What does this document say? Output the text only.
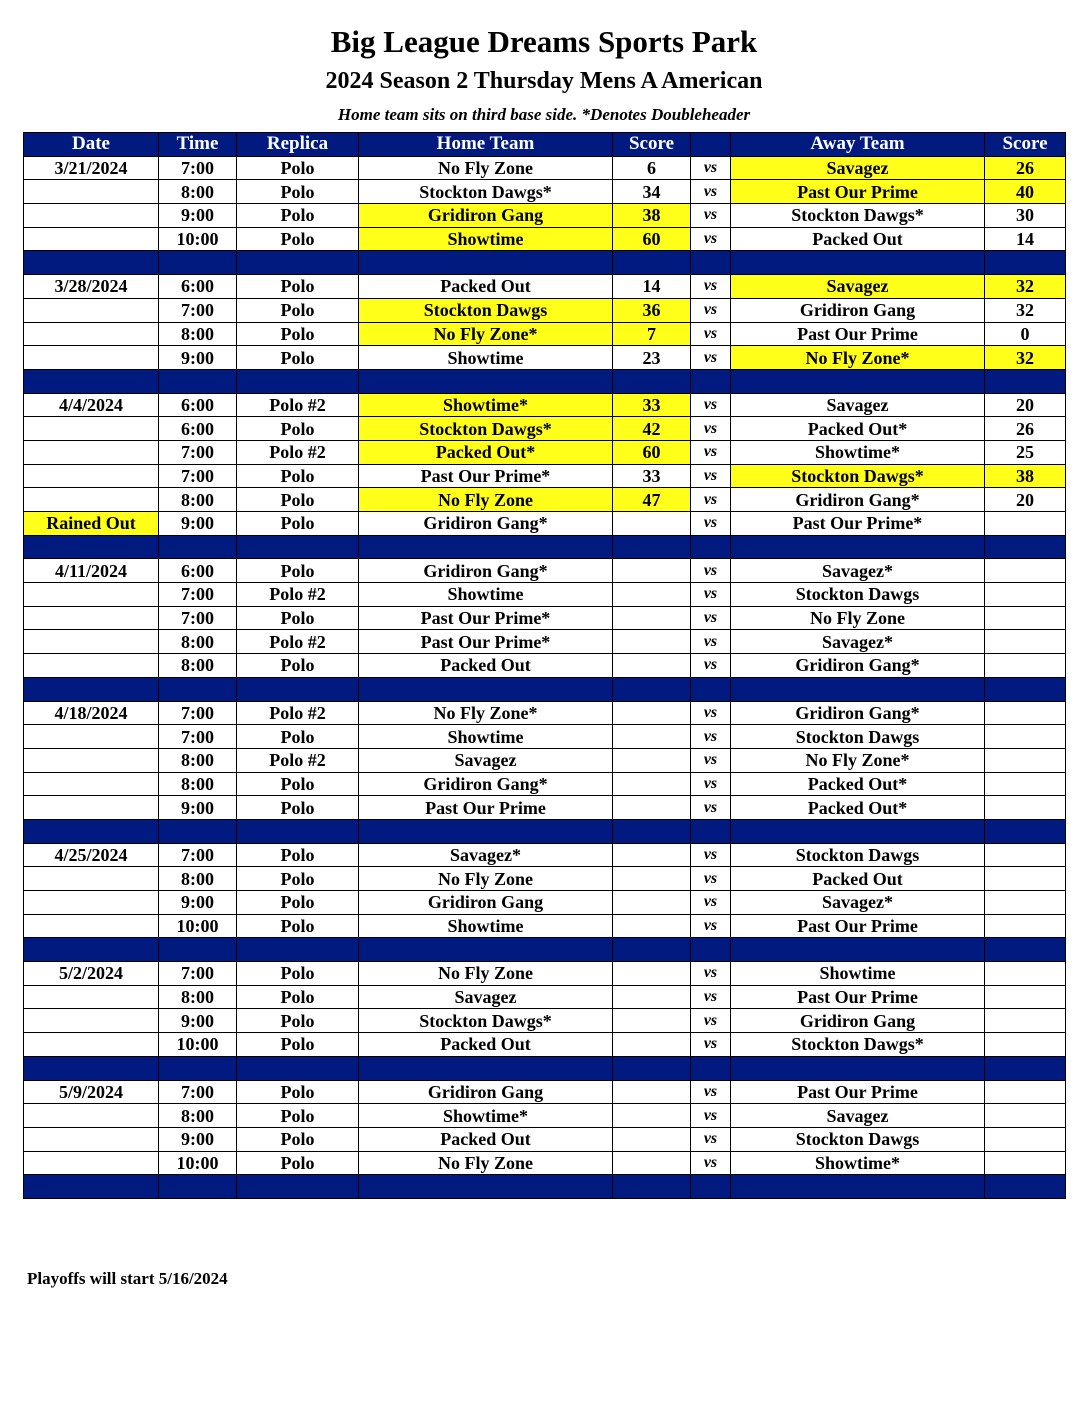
Big League Dreams Sports Park
2024 Season 2 Thursday Mens A American
Home team sits on third base side. *Denotes Doubleheader
Date	Time	Replica	Home Team	Score		Away Team	Score
3/21/2024	7:00	Polo	No Fly Zone	6	vs	Savagez	26
	8:00	Polo	Stockton Dawgs*	34	vs	Past Our Prime	40
	9:00	Polo	Gridiron Gang	38	vs	Stockton Dawgs*	30
	10:00	Polo	Showtime	60	vs	Packed Out	14

3/28/2024	6:00	Polo	Packed Out	14	vs	Savagez	32
	7:00	Polo	Stockton Dawgs	36	vs	Gridiron Gang	32
	8:00	Polo	No Fly Zone*	7	vs	Past Our Prime	0
	9:00	Polo	Showtime	23	vs	No Fly Zone*	32

4/4/2024	6:00	Polo #2	Showtime*	33	vs	Savagez	20
	6:00	Polo	Stockton Dawgs*	42	vs	Packed Out*	26
	7:00	Polo #2	Packed Out*	60	vs	Showtime*	25
	7:00	Polo	Past Our Prime*	33	vs	Stockton Dawgs*	38
	8:00	Polo	No Fly Zone	47	vs	Gridiron Gang*	20
Rained Out	9:00	Polo	Gridiron Gang*		vs	Past Our Prime*	

4/11/2024	6:00	Polo	Gridiron Gang*		vs	Savagez*	
	7:00	Polo #2	Showtime		vs	Stockton Dawgs	
	7:00	Polo	Past Our Prime*		vs	No Fly Zone	
	8:00	Polo #2	Past Our Prime*		vs	Savagez*	
	8:00	Polo	Packed Out		vs	Gridiron Gang*	

4/18/2024	7:00	Polo #2	No Fly Zone*		vs	Gridiron Gang*	
	7:00	Polo	Showtime		vs	Stockton Dawgs	
	8:00	Polo #2	Savagez		vs	No Fly Zone*	
	8:00	Polo	Gridiron Gang*		vs	Packed Out*	
	9:00	Polo	Past Our Prime		vs	Packed Out*	

4/25/2024	7:00	Polo	Savagez*		vs	Stockton Dawgs	
	8:00	Polo	No Fly Zone		vs	Packed Out	
	9:00	Polo	Gridiron Gang		vs	Savagez*	
	10:00	Polo	Showtime		vs	Past Our Prime	

5/2/2024	7:00	Polo	No Fly Zone		vs	Showtime	
	8:00	Polo	Savagez		vs	Past Our Prime	
	9:00	Polo	Stockton Dawgs*		vs	Gridiron Gang	
	10:00	Polo	Packed Out		vs	Stockton Dawgs*	

5/9/2024	7:00	Polo	Gridiron Gang		vs	Past Our Prime	
	8:00	Polo	Showtime*		vs	Savagez	
	9:00	Polo	Packed Out		vs	Stockton Dawgs	
	10:00	Polo	No Fly Zone		vs	Showtime*	

Playoffs will start 5/16/2024
